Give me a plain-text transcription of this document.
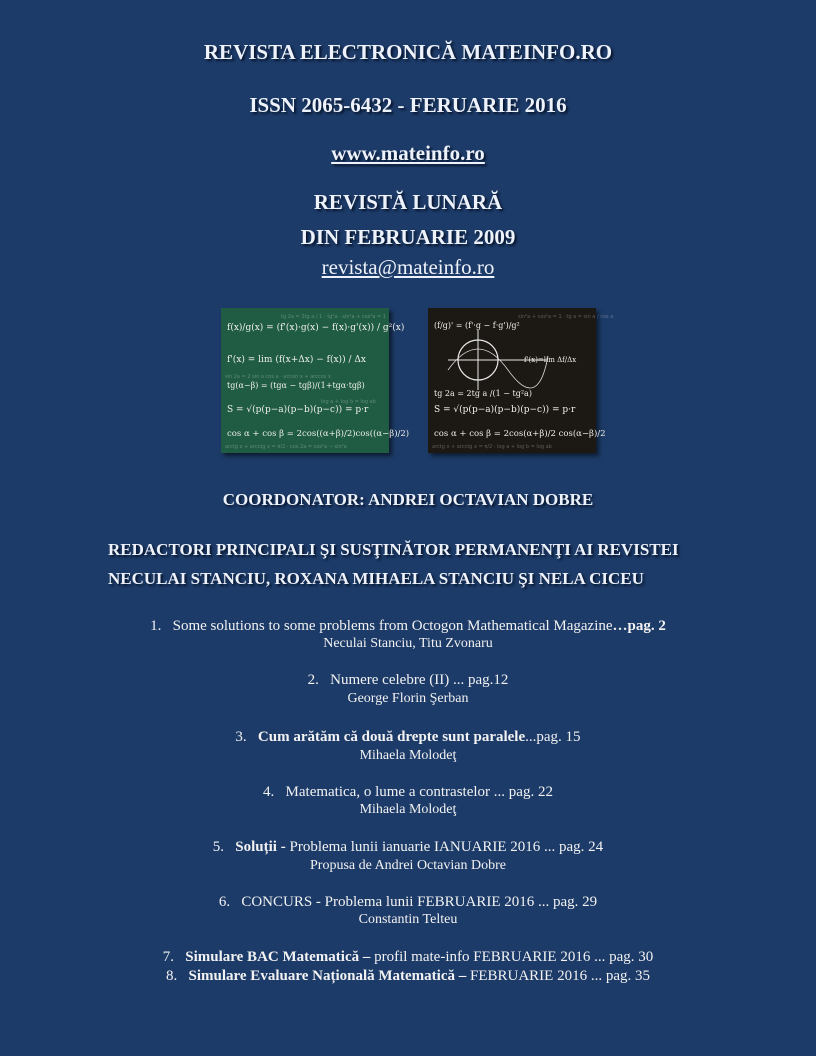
REVISTA ELECTRONICĂ MATEINFO.RO
ISSN 2065-6432 - FERUARIE 2016
www.mateinfo.ro
REVISTĂ LUNARĂ
DIN FEBRUARIE 2009
revista@mateinfo.ro
tg 2a = 2tg a / 1 - tg²a · sin²a + cos²a = 1
sin 2a = 2 sin a cos a · arcsin x + arccos x
log a + log b = log ab
arctg x + arcctg x = π/2 · cos 2a = cos²a − sin²a
f(x)/g(x) = (f'(x)·g(x) − f(x)·g'(x)) / g²(x)
f'(x) = lim (f(x+Δx) − f(x)) / Δx
S = √(p(p−a)(p−b)(p−c)) = p·r
cos α + cos β = 2cos((α+β)/2)cos((α−β)/2)
tg(α−β) = (tgα − tgβ)/(1+tgα·tgβ)
sin²a + cos²a = 1 · tg a = sin a / cos a
arctg x + arcctg x = π/2 · log a + log b = log ab
(f/g)' = (f'·g − f·g')/g²
f'(x)=lim Δf/Δx
S = √(p(p−a)(p−b)(p−c)) = p·r
cos α + cos β = 2cos(α+β)/2 cos(α−β)/2
tg 2a = 2tg a /(1 − tg²a)
COORDONATOR: ANDREI OCTAVIAN DOBRE
REDACTORI PRINCIPALI ŞI SUSŢINĂTOR PERMANENŢI AI REVISTEI
NECULAI STANCIU, ROXANA MIHAELA STANCIU ŞI NELA CICEU
1. Some solutions to some problems from Octogon Mathematical Magazine…pag. 2
Neculai Stanciu, Titu Zvonaru
2. Numere celebre (II) ... pag.12
George Florin Şerban
3. Cum arătăm că două drepte sunt paralele...pag. 15
Mihaela Molodeţ
4. Matematica, o lume a contrastelor ... pag. 22
Mihaela Molodeţ
5. Soluții - Problema lunii ianuarie IANUARIE 2016 ... pag. 24
Propusa de Andrei Octavian Dobre
6. CONCURS - Problema lunii FEBRUARIE 2016 ... pag. 29
Constantin Telteu
7. Simulare BAC Matematică – profil mate-info FEBRUARIE 2016 ... pag. 30
8. Simulare Evaluare Națională Matematică – FEBRUARIE 2016 ... pag. 35
